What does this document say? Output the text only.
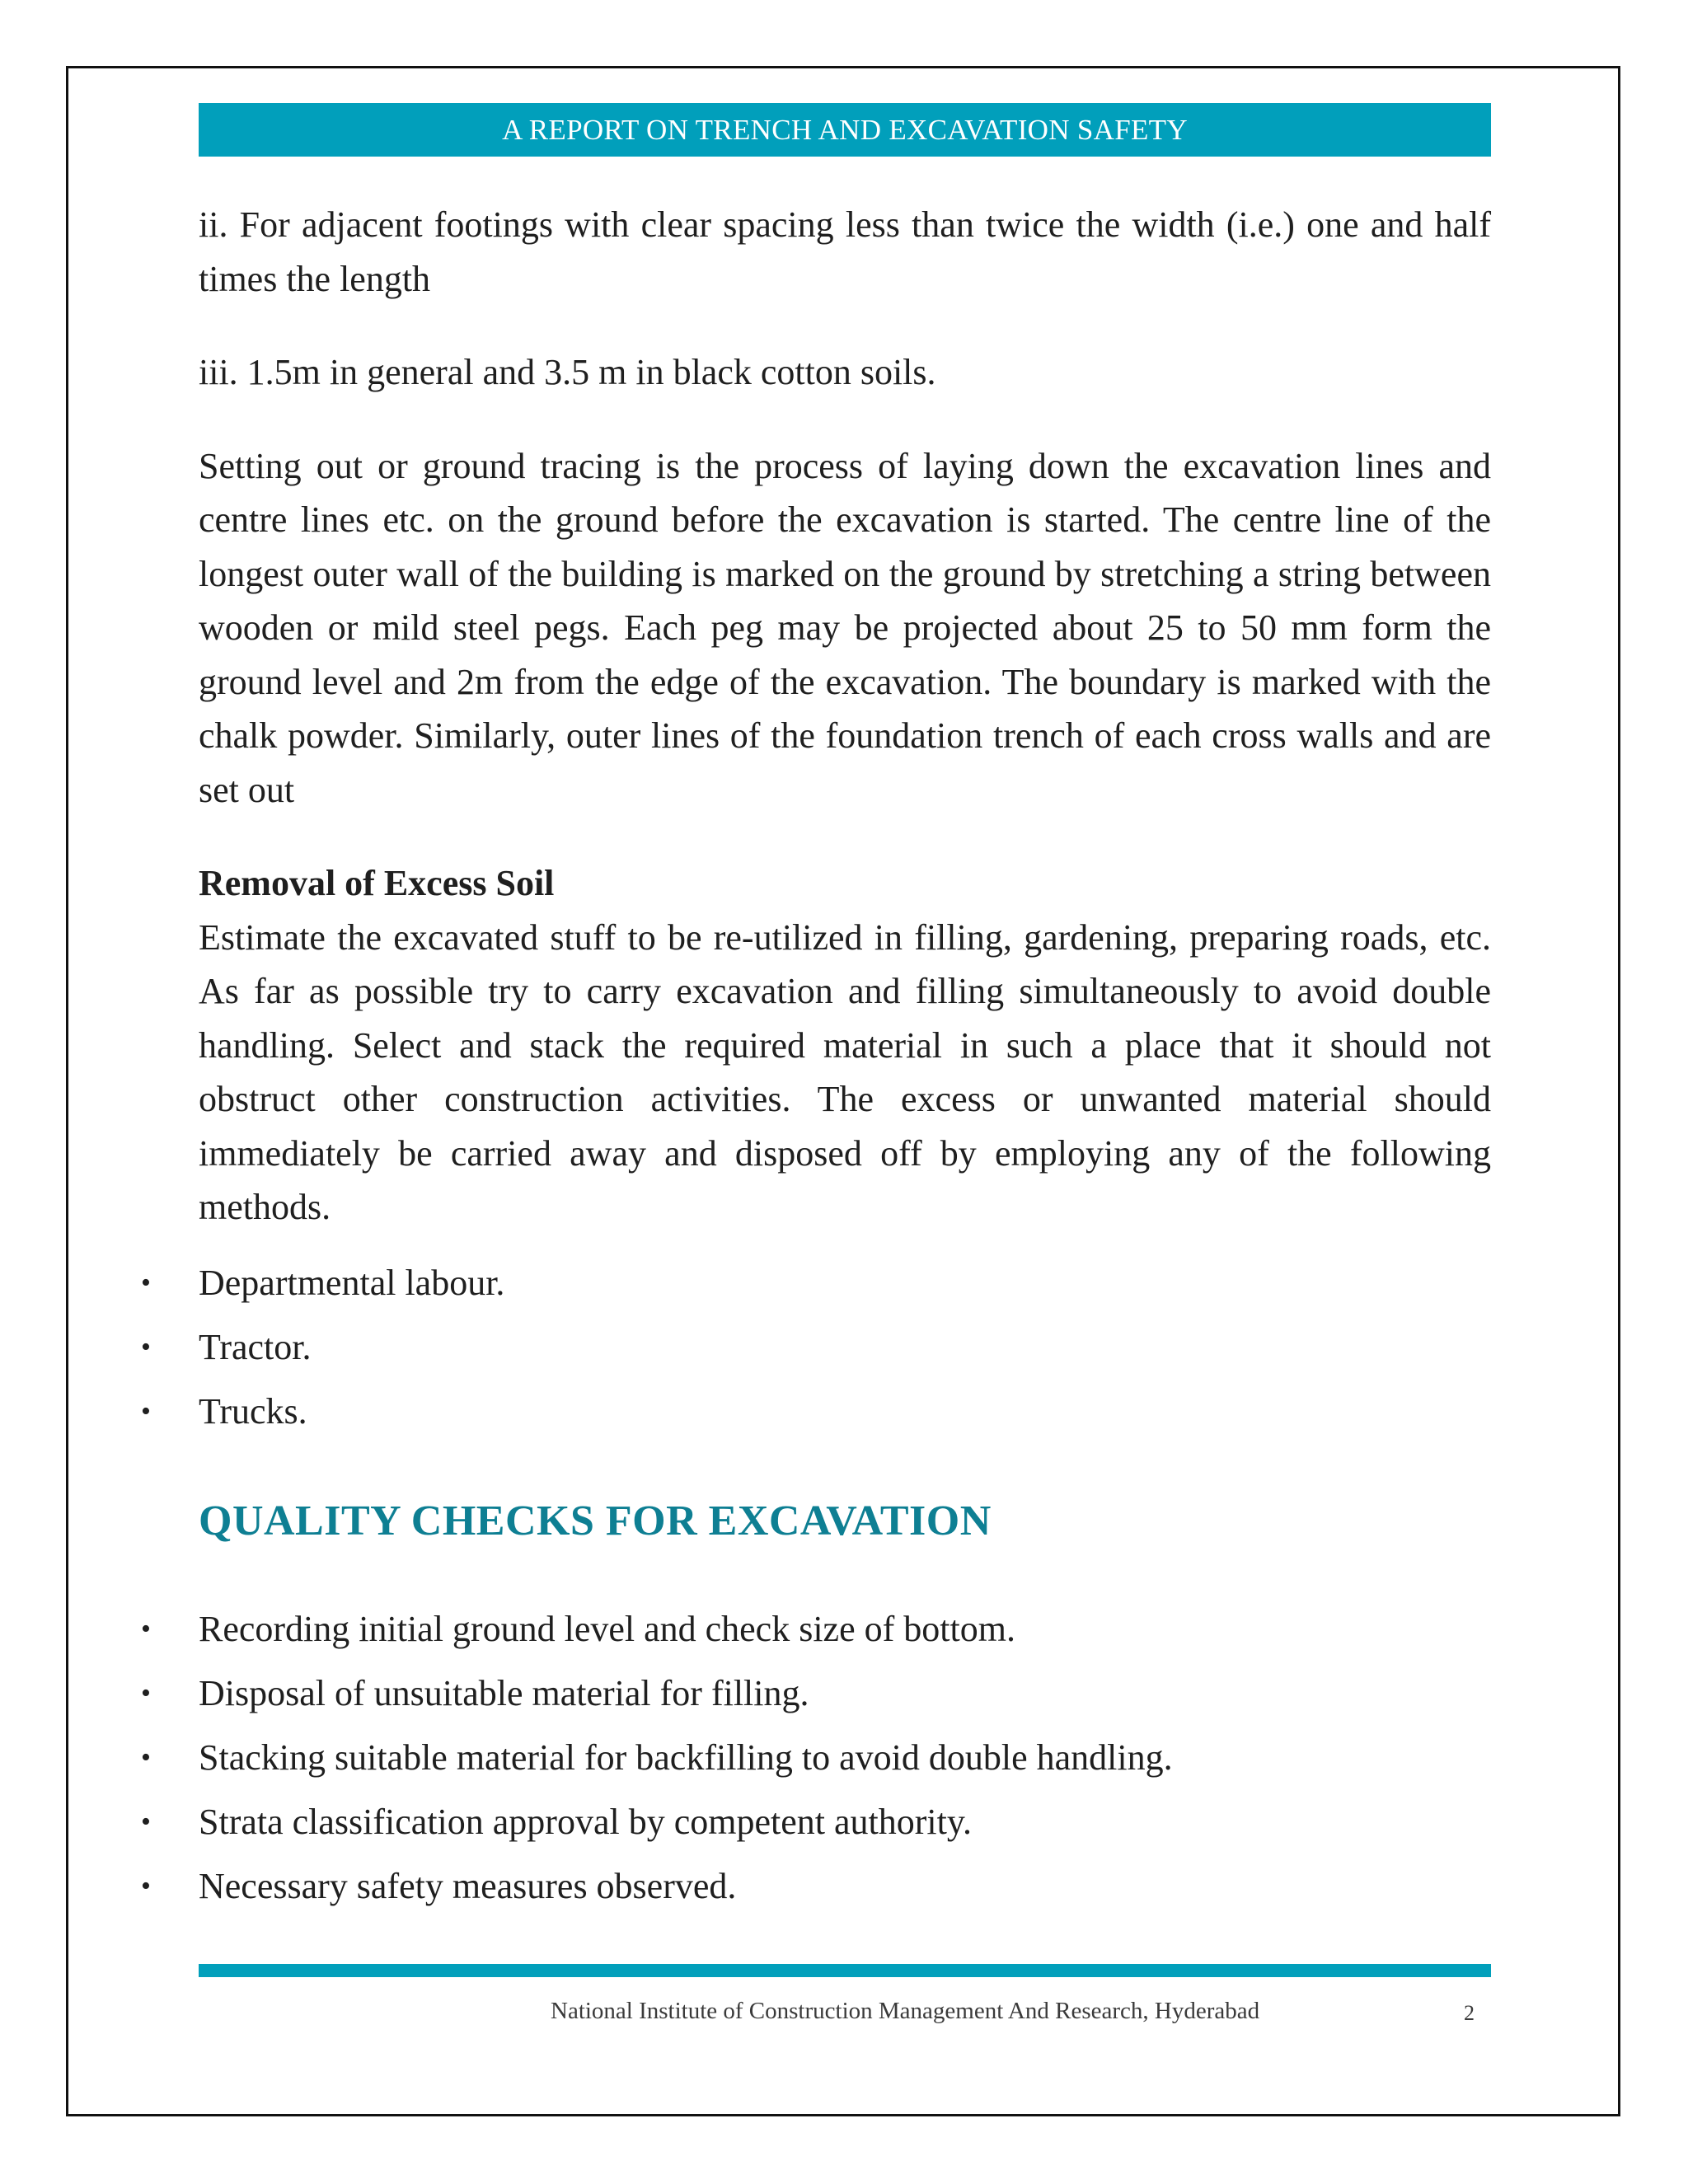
A REPORT ON TRENCH AND EXCAVATION SAFETY

ii. For adjacent footings with clear spacing less than twice the width (i.e.) one and half times the length

iii. 1.5m in general and 3.5 m in black cotton soils.

Setting out or ground tracing is the process of laying down the excavation lines and centre lines etc. on the ground before the excavation is started. The centre line of the longest outer wall of the building is marked on the ground by stretching a string between wooden or mild steel pegs. Each peg may be projected about 25 to 50 mm form the ground level and 2m from the edge of the excavation. The boundary is marked with the chalk powder. Similarly, outer lines of the foundation trench of each cross walls and are set out

Removal of Excess Soil

Estimate the excavated stuff to be re-utilized in filling, gardening, preparing roads, etc. As far as possible try to carry excavation and filling simultaneously to avoid double handling. Select and stack the required material in such a place that it should not obstruct other construction activities. The excess or unwanted material should immediately be carried away and disposed off by employing any of the following methods.

• Departmental labour.
• Tractor.
• Trucks.
QUALITY CHECKS FOR EXCAVATION
• Recording initial ground level and check size of bottom.
• Disposal of unsuitable material for filling.
• Stacking suitable material for backfilling to avoid double handling.
• Strata classification approval by competent authority.
• Necessary safety measures observed.
National Institute of Construction Management And Research, Hyderabad	2
